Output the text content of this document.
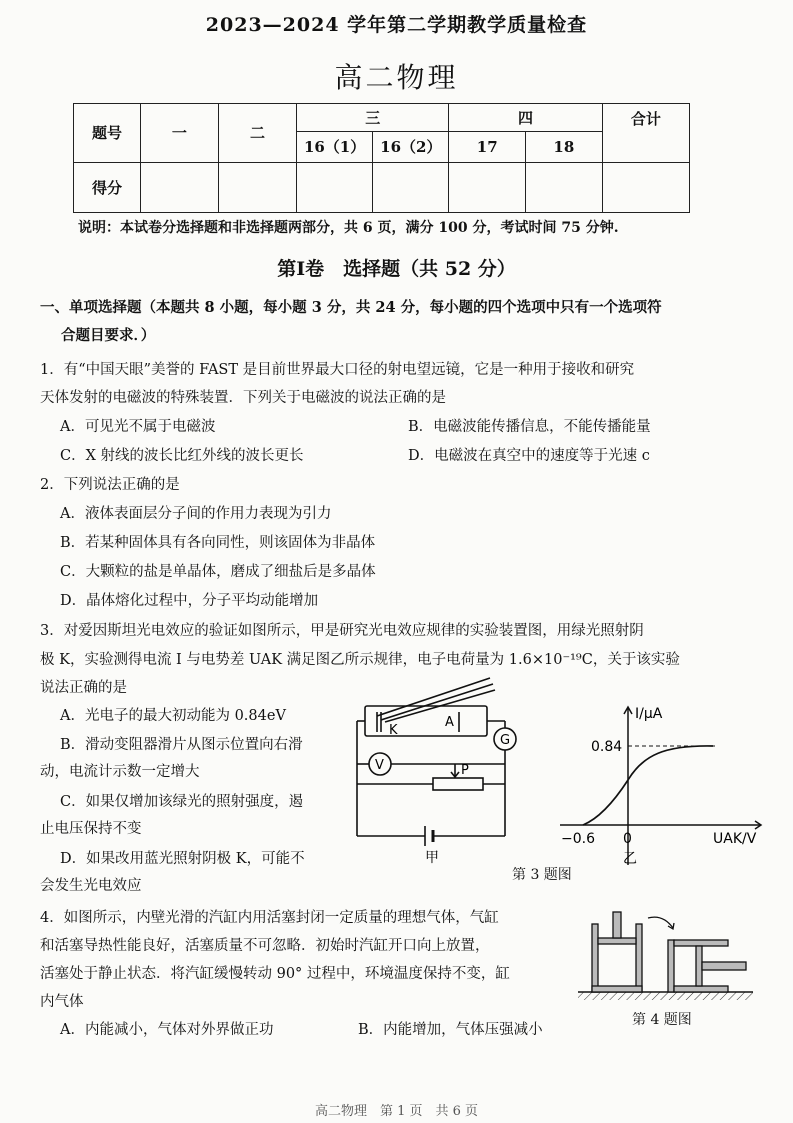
2023—2024 学年第二学期教学质量检查
高二物理
题号	一	二	三		四		合计
			16（1）	16（2）	17	18	
得分							
说明：本试卷分选择题和非选择题两部分，共 6 页，满分 100 分，考试时间 75 分钟.
第Ⅰ卷　选择题（共 52 分）
一、单项选择题（本题共 8 小题，每小题 3 分，共 24 分，每小题的四个选项中只有一个选项符
合题目要求．）
1．有“中国天眼”美誉的 FAST 是目前世界最大口径的射电望远镜，它是一种用于接收和研究
天体发射的电磁波的特殊装置．下列关于电磁波的说法正确的是
A．可见光不属于电磁波	B．电磁波能传播信息，不能传播能量
C．X 射线的波长比红外线的波长更长	D．电磁波在真空中的速度等于光速 c
2．下列说法正确的是
A．液体表面层分子间的作用力表现为引力
B．若某种固体具有各向同性，则该固体为非晶体
C．大颗粒的盐是单晶体，磨成了细盐后是多晶体
D．晶体熔化过程中，分子平均动能增加
3．对爱因斯坦光电效应的验证如图所示，甲是研究光电效应规律的实验装置图，用绿光照射阴
极 K，实验测得电流 I 与电势差 UAK 满足图乙所示规律，电子电荷量为 1.6×10⁻¹⁹C，关于该实验
说法正确的是
A．光电子的最大初动能为 0.84eV
B．滑动变阻器滑片从图示位置向右滑
动，电流计示数一定增大
C．如果仅增加该绿光的照射强度，遏
止电压保持不变
D．如果改用蓝光照射阴极 K，可能不
会发生光电效应
K
A
G
V	P
甲
I/μA
0.84
−0.6 0	UAK/V
乙
第 3 题图
4．如图所示，内壁光滑的汽缸内用活塞封闭一定质量的理想气体，气缸
和活塞导热性能良好，活塞质量不可忽略．初始时汽缸开口向上放置，
活塞处于静止状态．将汽缸缓慢转动 90° 过程中，环境温度保持不变，缸
内气体
A．内能减小，气体对外界做正功	B．内能增加，气体压强减小
第 4 题图
高二物理　第 1 页　共 6 页
